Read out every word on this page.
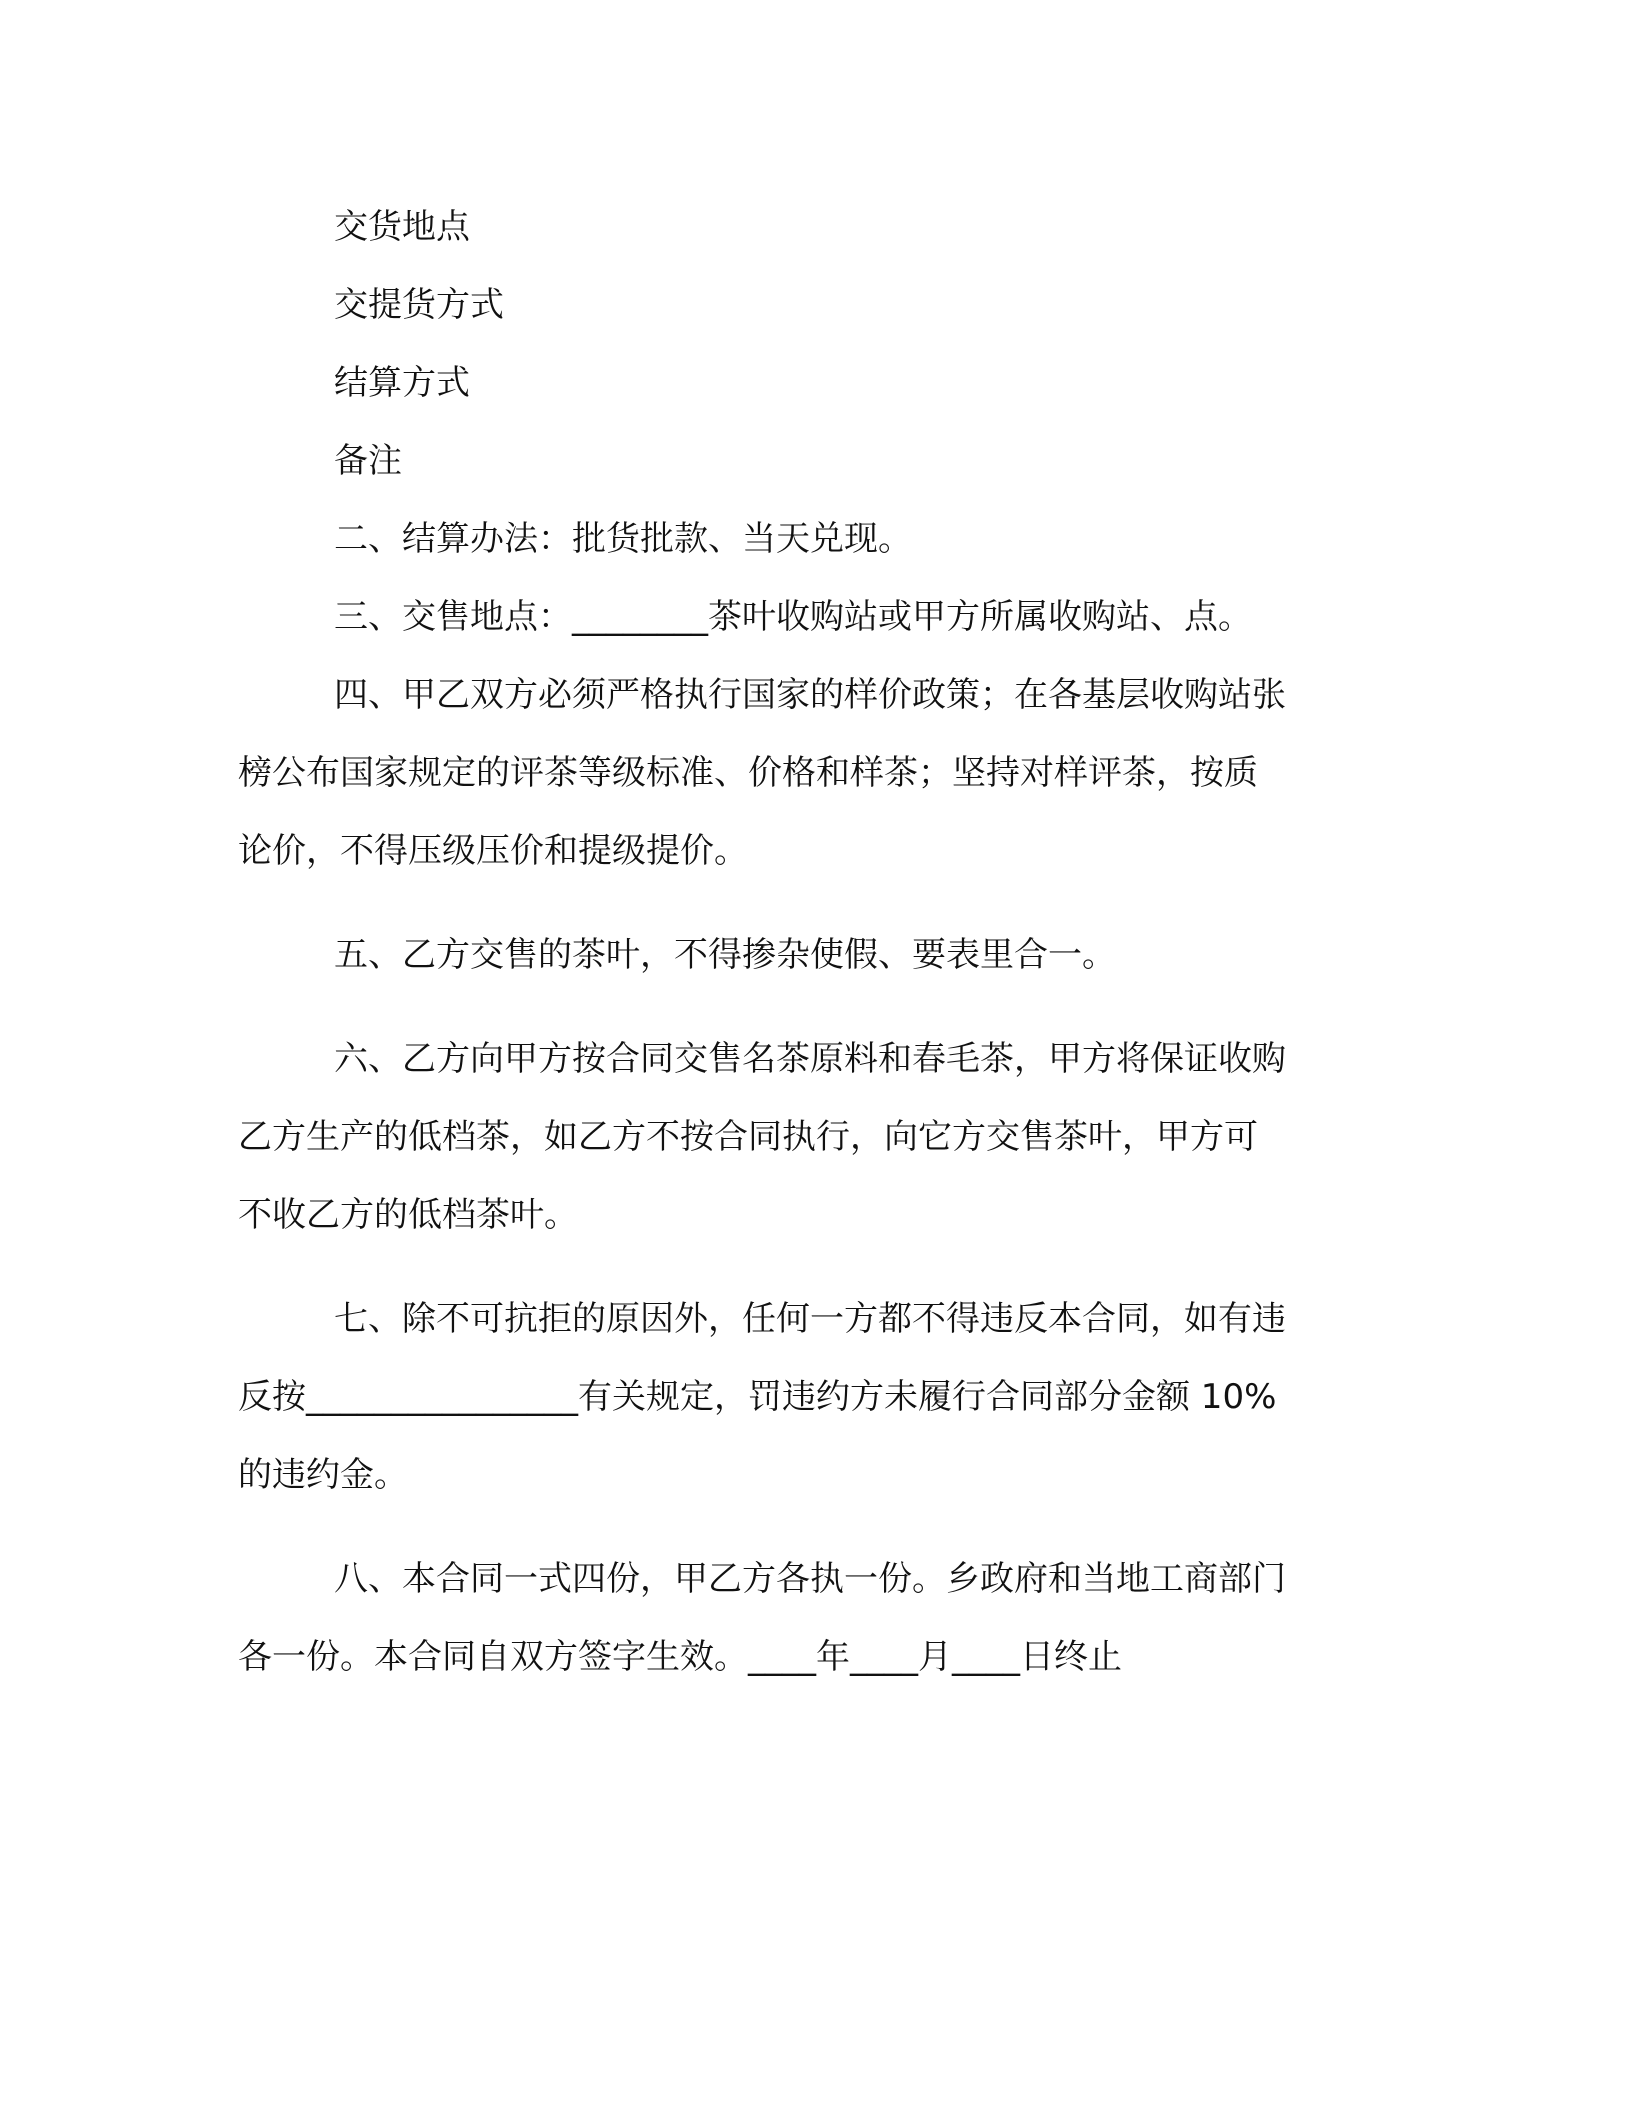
交货地点

交提货方式

结算方式

备注

二、结算办法：批货批款、当天兑现。

三、交售地点：________茶叶收购站或甲方所属收购站、点。

四、甲乙双方必须严格执行国家的样价政策；在各基层收购站张
榜公布国家规定的评茶等级标准、价格和样茶；坚持对样评茶，按质
论价，不得压级压价和提级提价。

五、乙方交售的茶叶，不得掺杂使假、要表里合一。

六、乙方向甲方按合同交售名茶原料和春毛茶，甲方将保证收购
乙方生产的低档茶，如乙方不按合同执行，向它方交售茶叶，甲方可
不收乙方的低档茶叶。
七、除不可抗拒的原因外，任何一方都不得违反本合同，如有违
反按________________有关规定，罚违约方未履行合同部分金额 10%
的违约金。
八、本合同一式四份，甲乙方各执一份。乡政府和当地工商部门
各一份。本合同自双方签字生效。____年____月____日终止
